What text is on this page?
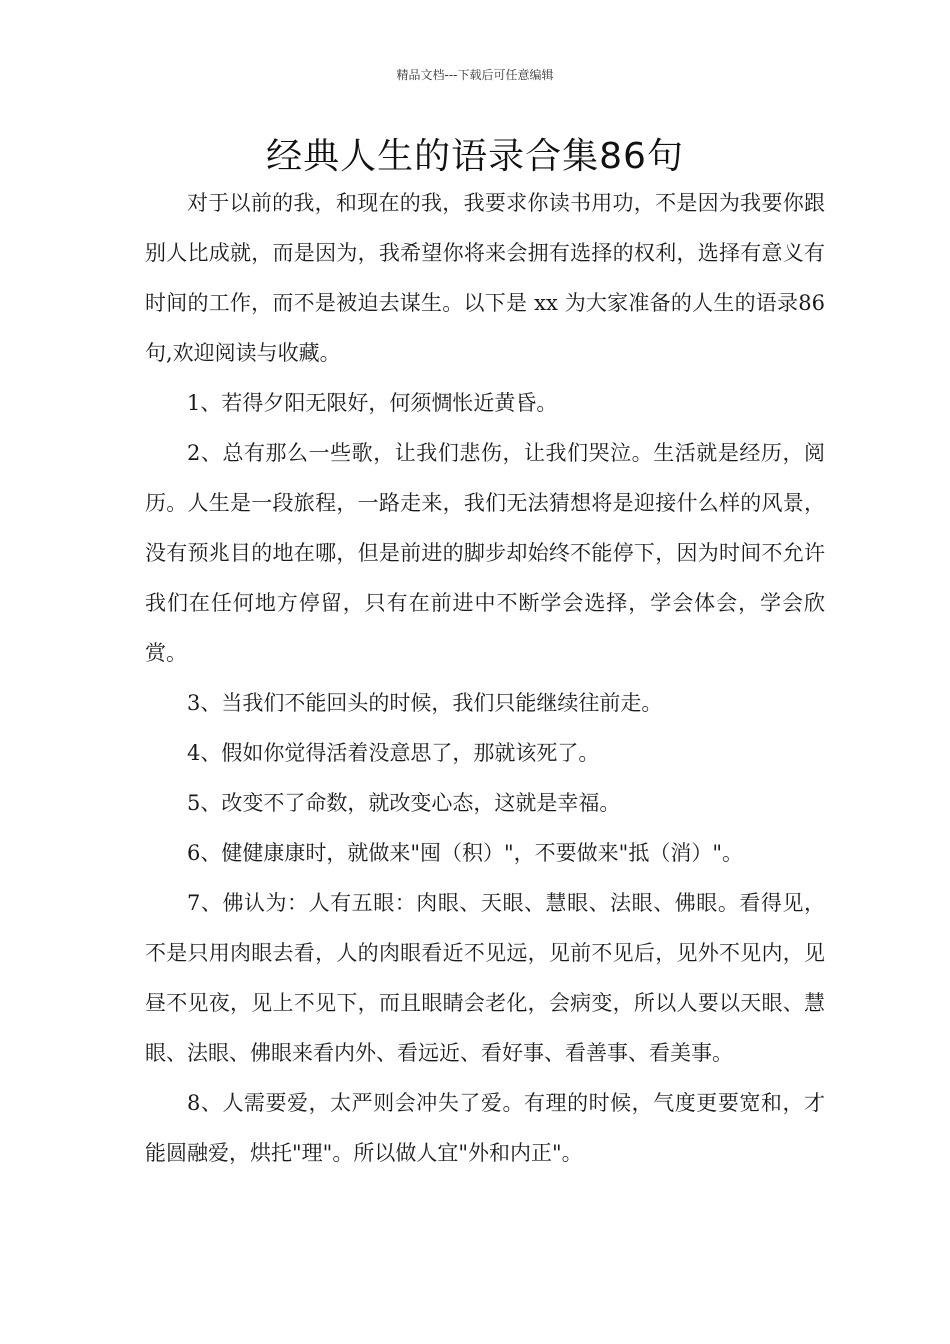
精品文档---下载后可任意编辑
经典人生的语录合集86句

对于以前的我，和现在的我，我要求你读书用功，不是因为我要你跟别人比成就，而是因为，我希望你将来会拥有选择的权利，选择有意义有时间的工作，而不是被迫去谋生。以下是 xx 为大家准备的人生的语录86句,欢迎阅读与收藏。

1、若得夕阳无限好，何须惆怅近黄昏。

2、总有那么一些歌，让我们悲伤，让我们哭泣。生活就是经历，阅历。人生是一段旅程，一路走来，我们无法猜想将是迎接什么样的风景，没有预兆目的地在哪，但是前进的脚步却始终不能停下，因为时间不允许我们在任何地方停留，只有在前进中不断学会选择，学会体会，学会欣赏。

3、当我们不能回头的时候，我们只能继续往前走。

4、假如你觉得活着没意思了，那就该死了。

5、改变不了命数，就改变心态，这就是幸福。

6、健健康康时，就做来"囤（积）"，不要做来"抵（消）"。

7、佛认为：人有五眼：肉眼、天眼、慧眼、法眼、佛眼。看得见，不是只用肉眼去看，人的肉眼看近不见远，见前不见后，见外不见内，见昼不见夜，见上不见下，而且眼睛会老化，会病变，所以人要以天眼、慧眼、法眼、佛眼来看内外、看远近、看好事、看善事、看美事。

8、人需要爱，太严则会冲失了爱。有理的时候，气度更要宽和，才能圆融爱，烘托"理"。所以做人宜"外和内正"。
